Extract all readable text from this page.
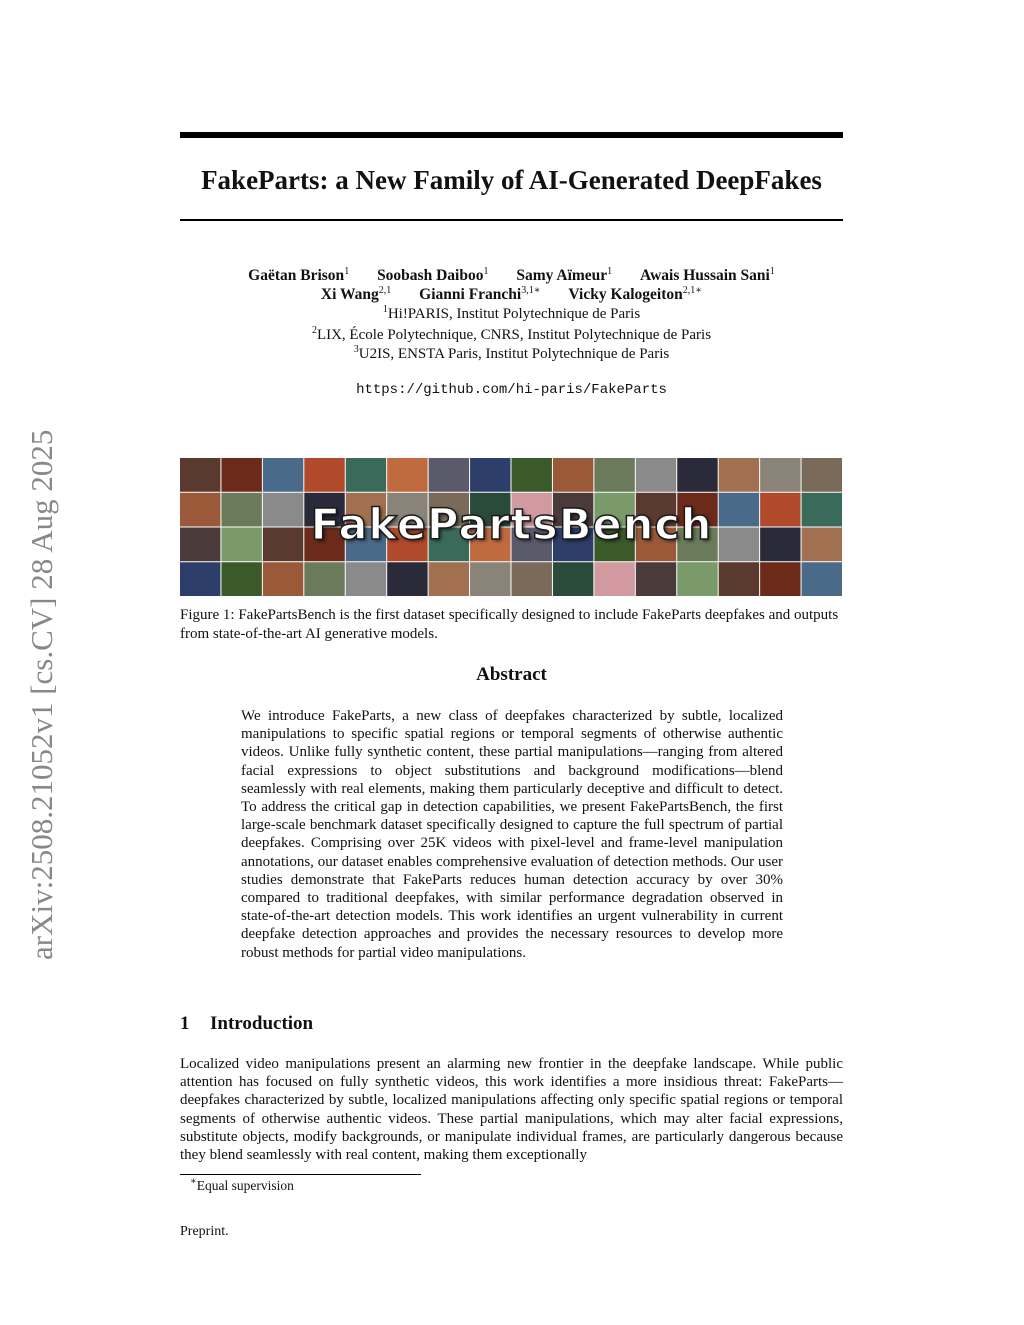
arXiv:2508.21052v1 [cs.CV] 28 Aug 2025
FakeParts: a New Family of AI-Generated DeepFakes
Gaëtan Brison$^1$ Soobash Daiboo$^1$ Samy Aïmeur$^1$ Awais Hussain Sani$^1$
Xi Wang$^{2,1}$ Gianni Franchi$^{3,1∗}$ Vicky Kalogeiton$^{2,1∗}$
$^1$Hi!PARIS, Institut Polytechnique de Paris
$^2$LIX, École Polytechnique, CNRS, Institut Polytechnique de Paris
$^3$U2IS, ENSTA Paris, Institut Polytechnique de Paris
https://github.com/hi-paris/FakeParts
FakePartsBench
Figure 1: FakePartsBench is the first dataset specifically designed to include FakeParts deepfakes and outputs from state-of-the-art AI generative models.
Abstract
We introduce FakeParts, a new class of deepfakes characterized by subtle, localized manipulations to specific spatial regions or temporal segments of otherwise authentic videos. Unlike fully synthetic content, these partial manipulations—ranging from altered facial expressions to object substitutions and background modifications—blend seamlessly with real elements, making them particularly deceptive and difficult to detect. To address the critical gap in detection capabilities, we present FakePartsBench, the first large-scale benchmark dataset specifically designed to capture the full spectrum of partial deepfakes. Comprising over 25K videos with pixel-level and frame-level manipulation annotations, our dataset enables comprehensive evaluation of detection methods. Our user studies demonstrate that FakeParts reduces human detection accuracy by over 30% compared to traditional deepfakes, with similar performance degradation observed in state-of-the-art detection models. This work identifies an urgent vulnerability in current deepfake detection approaches and provides the necessary resources to develop more robust methods for partial video manipulations.
1 Introduction
Localized video manipulations present an alarming new frontier in the deepfake landscape. While public attention has focused on fully synthetic videos, this work identifies a more insidious threat: FakeParts—deepfakes characterized by subtle, localized manipulations affecting only specific spatial regions or temporal segments of otherwise authentic videos. These partial manipulations, which may alter facial expressions, substitute objects, modify backgrounds, or manipulate individual frames, are particularly dangerous because they blend seamlessly with real content, making them exceptionally
∗Equal supervision
Preprint.
